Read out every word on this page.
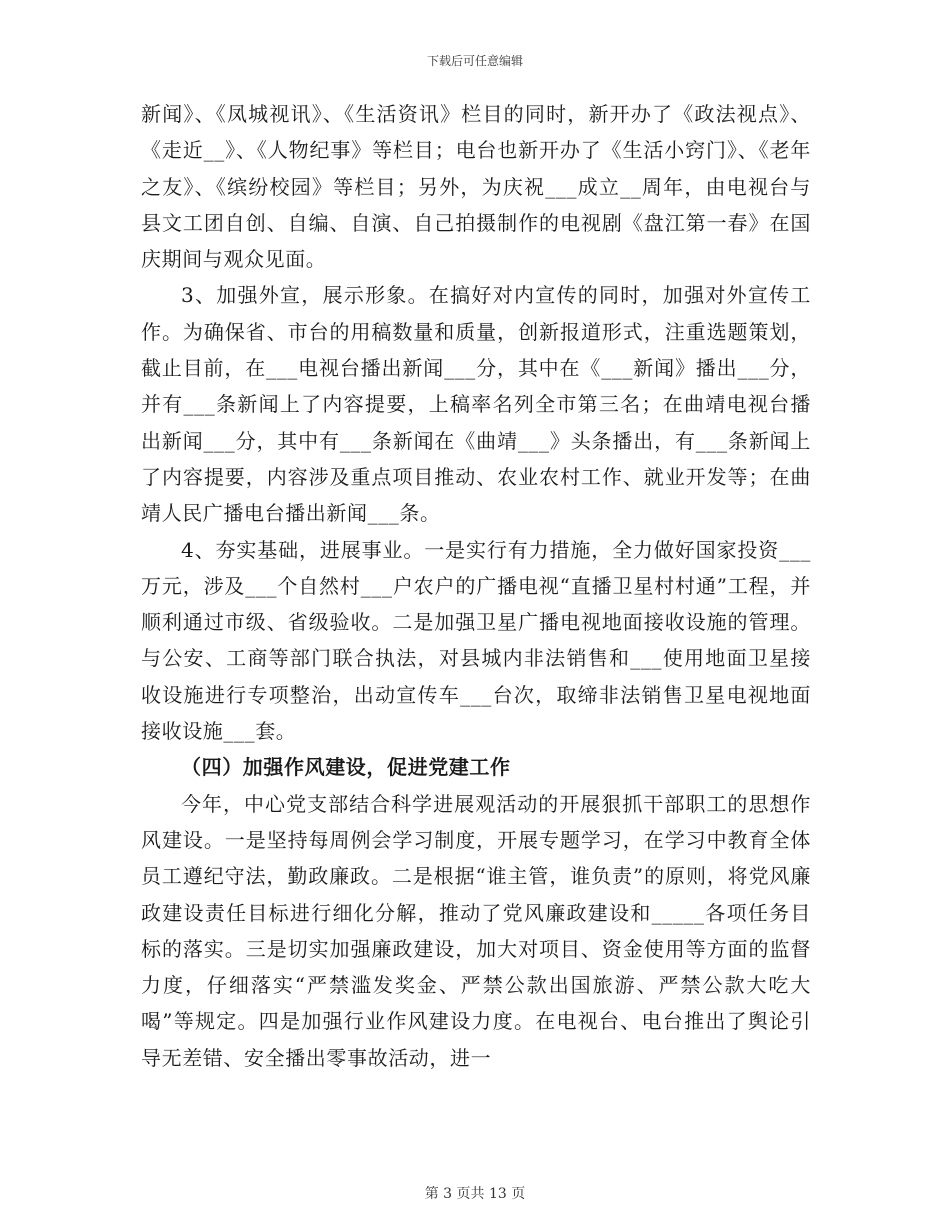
下载后可任意编辑

新闻》、《凤城视讯》、《生活资讯》栏目的同时，新开办了《政法视点》、《走近__》、《人物纪事》等栏目；电台也新开办了《生活小窍门》、《老年之友》、《缤纷校园》等栏目；另外，为庆祝___成立__周年，由电视台与县文工团自创、自编、自演、自己拍摄制作的电视剧《盘江第一春》在国庆期间与观众见面。

3、加强外宣，展示形象。在搞好对内宣传的同时，加强对外宣传工作。为确保省、市台的用稿数量和质量，创新报道形式，注重选题策划，截止目前，在___电视台播出新闻___分，其中在《___新闻》播出___分，并有___条新闻上了内容提要，上稿率名列全市第三名；在曲靖电视台播出新闻___分，其中有___条新闻在《曲靖___》头条播出，有___条新闻上了内容提要，内容涉及重点项目推动、农业农村工作、就业开发等；在曲靖人民广播电台播出新闻___条。

4、夯实基础，进展事业。一是实行有力措施，全力做好国家投资___万元，涉及___个自然村___户农户的广播电视“直播卫星村村通”工程，并顺利通过市级、省级验收。二是加强卫星广播电视地面接收设施的管理。与公安、工商等部门联合执法，对县城内非法销售和___使用地面卫星接收设施进行专项整治，出动宣传车___台次，取缔非法销售卫星电视地面接收设施___套。

（四）加强作风建设，促进党建工作

今年，中心党支部结合科学进展观活动的开展狠抓干部职工的思想作风建设。一是坚持每周例会学习制度，开展专题学习，在学习中教育全体员工遵纪守法，勤政廉政。二是根据“谁主管，谁负责”的原则，将党风廉政建设责任目标进行细化分解，推动了党风廉政建设和_____各项任务目标的落实。三是切实加强廉政建设，加大对项目、资金使用等方面的监督力度，仔细落实“严禁滥发奖金、严禁公款出国旅游、严禁公款大吃大喝”等规定。四是加强行业作风建设力度。在电视台、电台推出了舆论引导无差错、安全播出零事故活动，进一

第 3 页共 13 页
